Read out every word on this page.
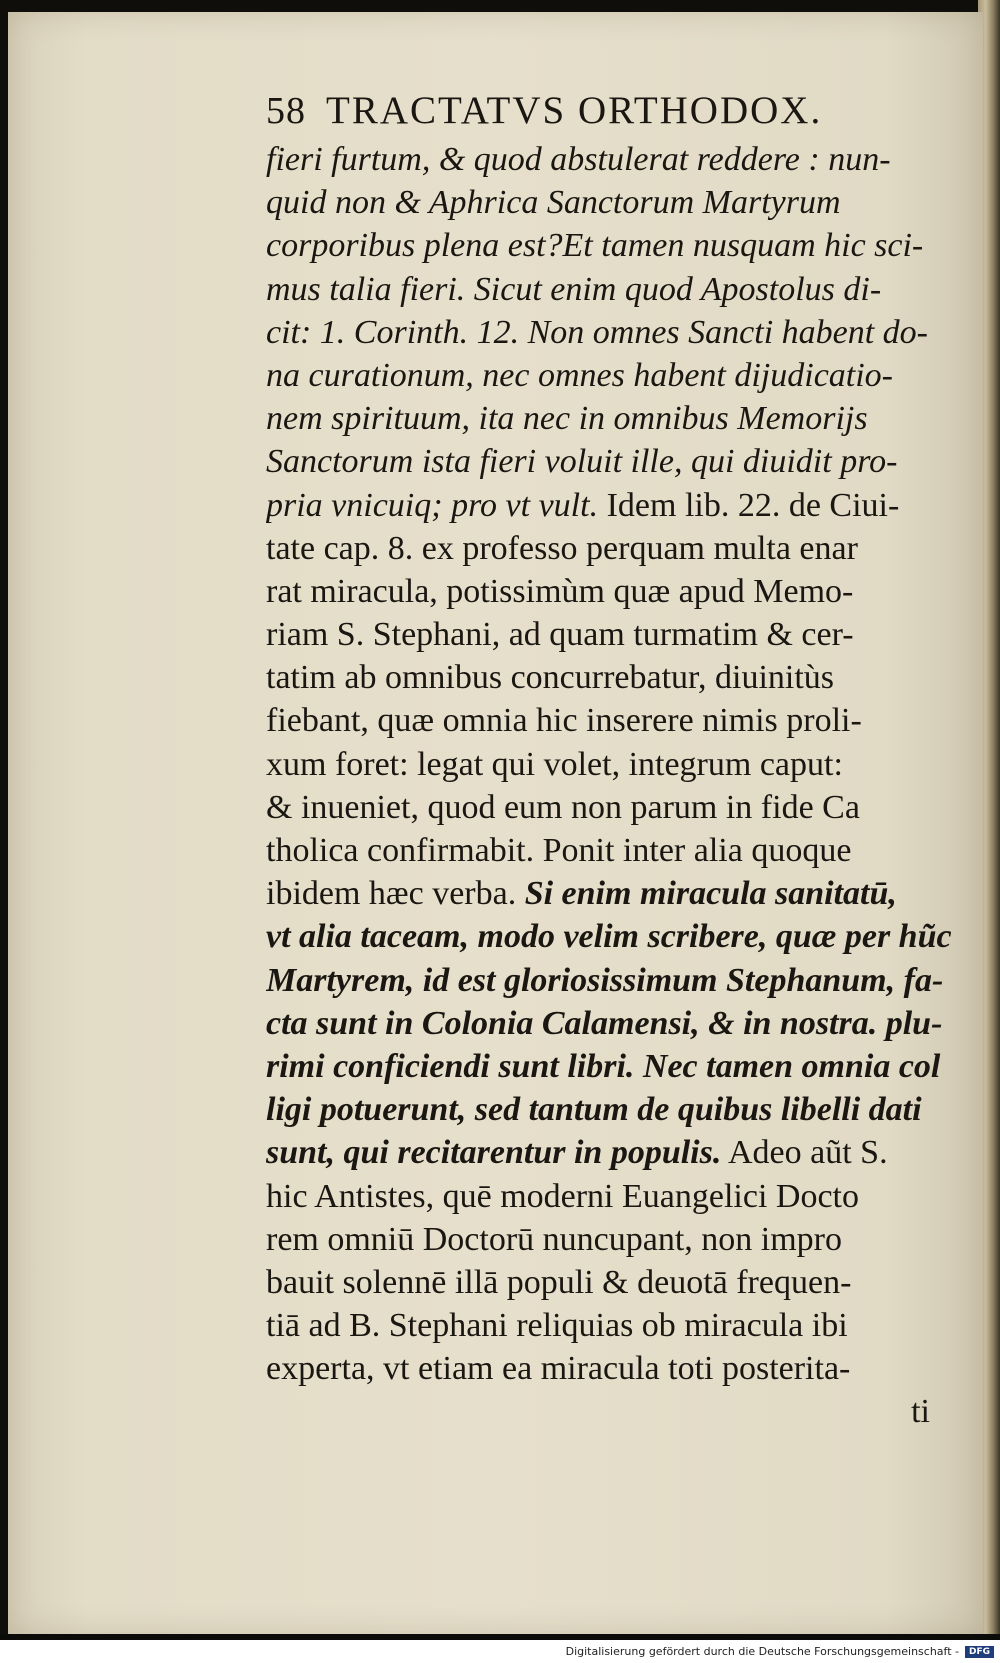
58 TRACTATVS ORTHODOX.
fieri furtum, & quod abstulerat reddere : nun-
quid non & Aphrica Sanctorum Martyrum
corporibus plena est?Et tamen nusquam hic sci-
mus talia fieri. Sicut enim quod Apostolus di-
cit: 1. Corinth. 12. Non omnes Sancti habent do-
na curationum, nec omnes habent dijudicatio-
nem spirituum, ita nec in omnibus Memorijs
Sanctorum ista fieri voluit ille, qui diuidit pro-
pria vnicuiq; pro vt vult. Idem lib. 22. de Ciui-
tate cap. 8. ex professo perquam multa enar
rat miracula, potissimùm quæ apud Memo-
riam S. Stephani, ad quam turmatim & cer-
tatim ab omnibus concurrebatur, diuinitùs
fiebant, quæ omnia hic inserere nimis proli-
xum foret: legat qui volet, integrum caput:
& inueniet, quod eum non parum in fide Ca
tholica confirmabit. Ponit inter alia quoque
ibidem hæc verba. Si enim miracula sanitatū,
vt alia taceam, modo velim scribere, quæ per hũc
Martyrem, id est gloriosissimum Stephanum, fa-
cta sunt in Colonia Calamensi, & in nostra. plu-
rimi conficiendi sunt libri. Nec tamen omnia col
ligi potuerunt, sed tantum de quibus libelli dati
sunt, qui recitarentur in populis. Adeo aũt S.
hic Antistes, quē moderni Euangelici Docto
rem omniū Doctorū nuncupant, non impro
bauit solennē illā populi & deuotā frequen-
tiā ad B. Stephani reliquias ob miracula ibi
experta, vt etiam ea miracula toti posterita-
ti
Digitalisierung gefördert durch die Deutsche Forschungsgemeinschaft -	DFG
